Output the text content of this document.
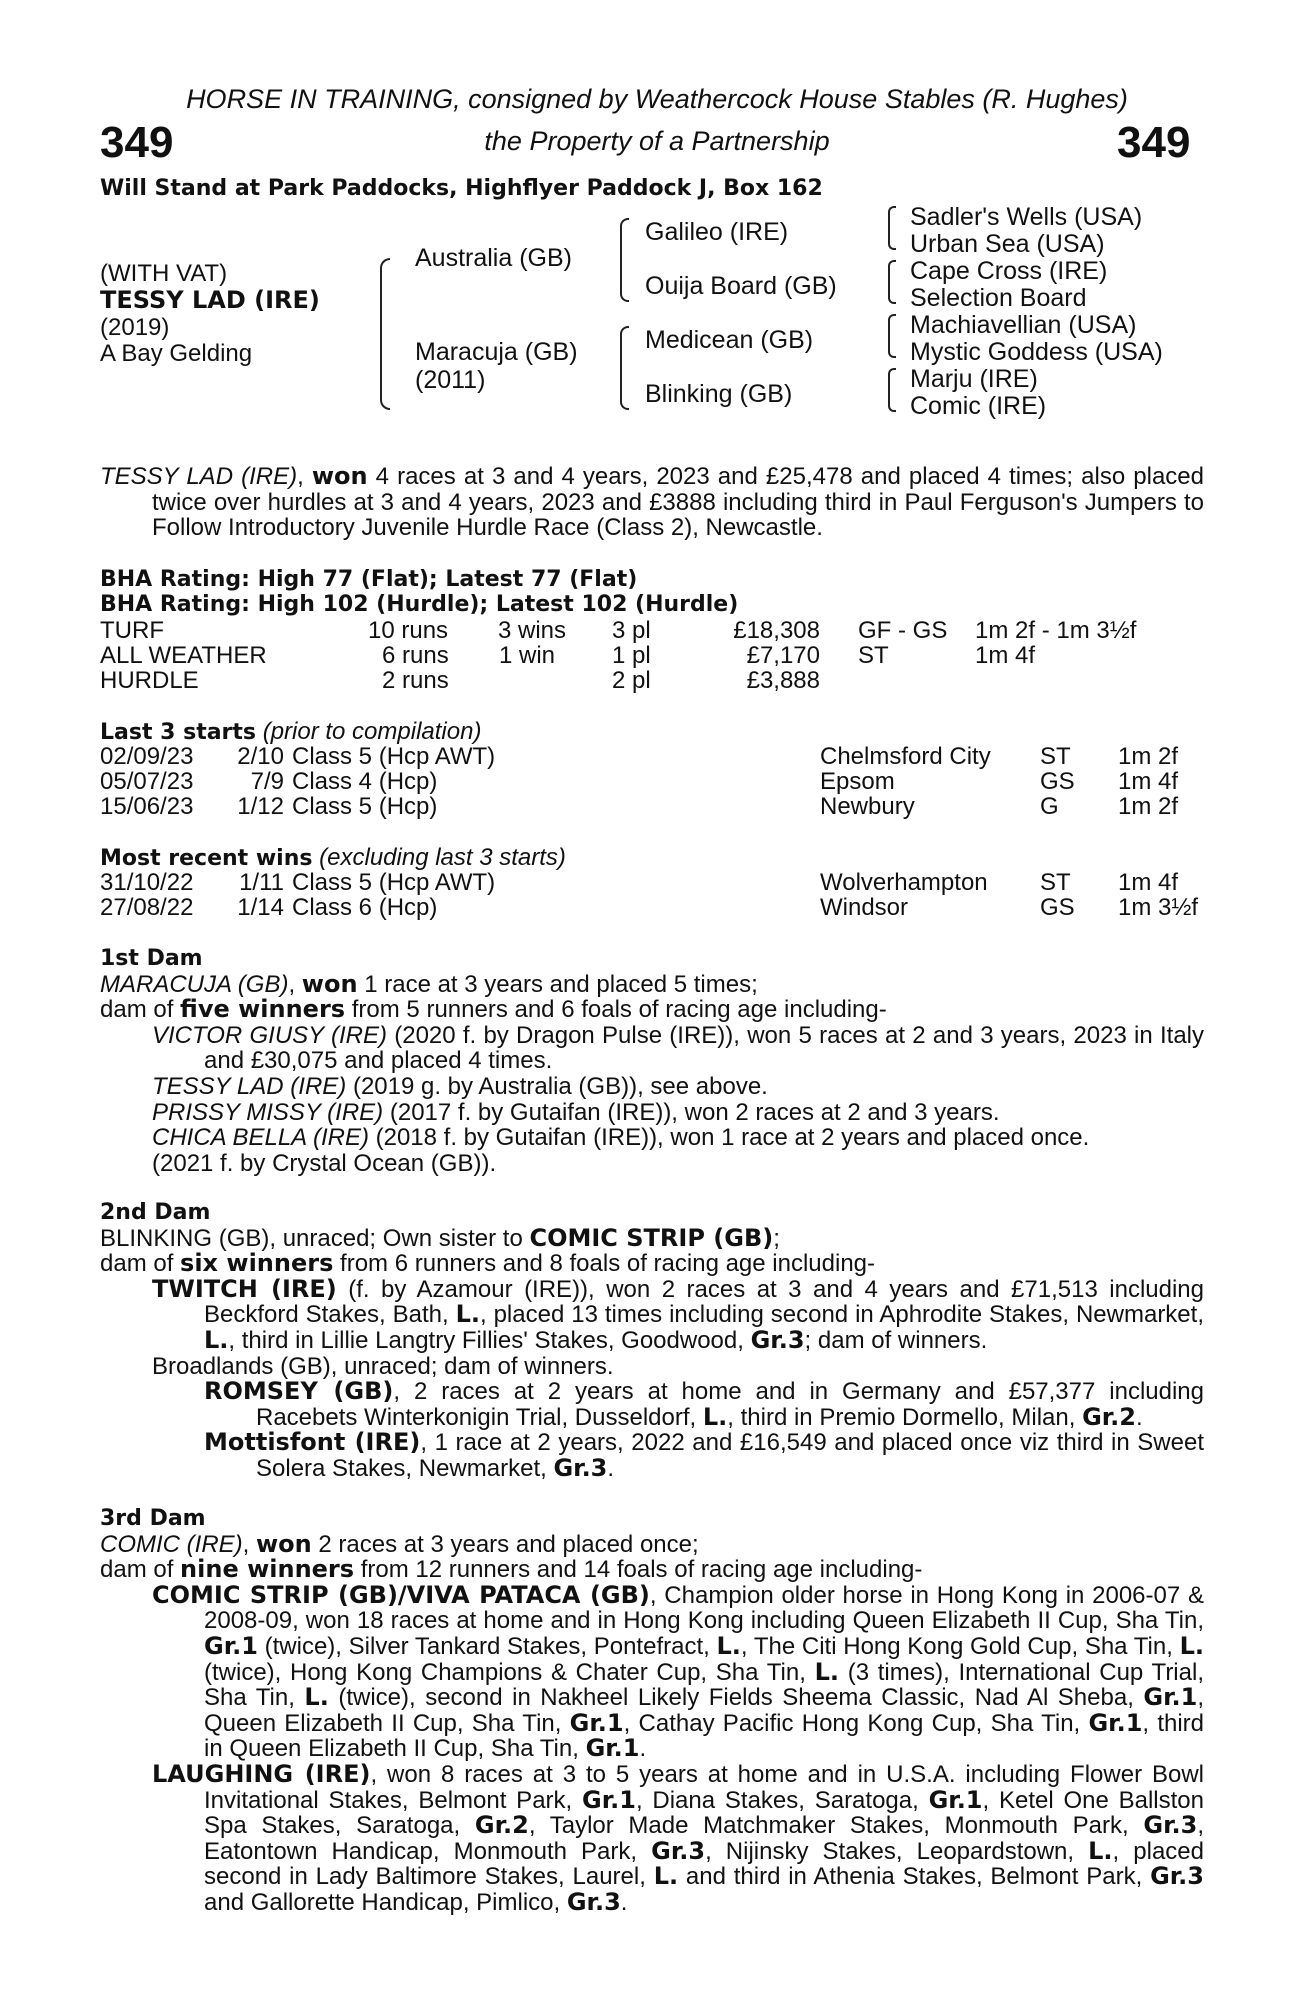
HORSE IN TRAINING, consigned by Weathercock House Stables (R. Hughes)
the Property of a Partnership
349	349
Will Stand at Park Paddocks, Highflyer Paddock J, Box 162
(WITH VAT)
TESSY LAD (IRE)
(2019)
A Bay Gelding
Australia (GB)
Maracuja (GB)
(2011)
Galileo (IRE)
Ouija Board (GB)
Medicean (GB)
Blinking (GB)
Sadler's Wells (USA)
Urban Sea (USA)
Cape Cross (IRE)
Selection Board
Machiavellian (USA)
Mystic Goddess (USA)
Marju (IRE)
Comic (IRE)

TESSY LAD (IRE), won 4 races at 3 and 4 years, 2023 and £25,478 and placed 4 times; also placed twice over hurdles at 3 and 4 years, 2023 and £3888 including third in Paul Ferguson's Jumpers to Follow Introductory Juvenile Hurdle Race (Class 2), Newcastle.

BHA Rating: High 77 (Flat); Latest 77 (Flat)
BHA Rating: High 102 (Hurdle); Latest 102 (Hurdle)
TURF	10 runs 3 wins 3 pl	£18,308 GF - GS 1m 2f - 1m 3½f
ALL WEATHER	6 runs 1 win 1 pl	£7,170 ST	1m 4f
HURDLE	2 runs	2 pl	£3,888
Last 3 starts (prior to compilation)
02/09/23	2/10 Class 5 (Hcp AWT)	Chelmsford City ST 1m 2f
05/07/23	7/9 Class 4 (Hcp)	Epsom	GS 1m 4f
15/06/23	1/12 Class 5 (Hcp)	Newbury	G 1m 2f
Most recent wins (excluding last 3 starts)
31/10/22	1/11 Class 5 (Hcp AWT)	Wolverhampton ST 1m 4f
27/08/22	1/14 Class 6 (Hcp)	Windsor	GS 1m 3½f

1st Dam

MARACUJA (GB), won 1 race at 3 years and placed 5 times;

dam of five winners from 5 runners and 6 foals of racing age including-

VICTOR GIUSY (IRE) (2020 f. by Dragon Pulse (IRE)), won 5 races at 2 and 3 years, 2023 in Italy and £30,075 and placed 4 times.

TESSY LAD (IRE) (2019 g. by Australia (GB)), see above.

PRISSY MISSY (IRE) (2017 f. by Gutaifan (IRE)), won 2 races at 2 and 3 years.

CHICA BELLA (IRE) (2018 f. by Gutaifan (IRE)), won 1 race at 2 years and placed once.

(2021 f. by Crystal Ocean (GB)).

2nd Dam

BLINKING (GB), unraced; Own sister to COMIC STRIP (GB);

dam of six winners from 6 runners and 8 foals of racing age including-

TWITCH (IRE) (f. by Azamour (IRE)), won 2 races at 3 and 4 years and £71,513 including Beckford Stakes, Bath, L., placed 13 times including second in Aphrodite Stakes, Newmarket, L., third in Lillie Langtry Fillies' Stakes, Goodwood, Gr.3; dam of winners.

Broadlands (GB), unraced; dam of winners.

ROMSEY (GB), 2 races at 2 years at home and in Germany and £57,377 including Racebets Winterkonigin Trial, Dusseldorf, L., third in Premio Dormello, Milan, Gr.2.

Mottisfont (IRE), 1 race at 2 years, 2022 and £16,549 and placed once viz third in Sweet Solera Stakes, Newmarket, Gr.3.

3rd Dam

COMIC (IRE), won 2 races at 3 years and placed once;

dam of nine winners from 12 runners and 14 foals of racing age including-

COMIC STRIP (GB)/VIVA PATACA (GB), Champion older horse in Hong Kong in 2006-07 & 2008-09, won 18 races at home and in Hong Kong including Queen Elizabeth II Cup, Sha Tin, Gr.1 (twice), Silver Tankard Stakes, Pontefract, L., The Citi Hong Kong Gold Cup, Sha Tin, L. (twice), Hong Kong Champions & Chater Cup, Sha Tin, L. (3 times), International Cup Trial, Sha Tin, L. (twice), second in Nakheel Likely Fields Sheema Classic, Nad Al Sheba, Gr.1, Queen Elizabeth II Cup, Sha Tin, Gr.1, Cathay Pacific Hong Kong Cup, Sha Tin, Gr.1, third in Queen Elizabeth II Cup, Sha Tin, Gr.1.

LAUGHING (IRE), won 8 races at 3 to 5 years at home and in U.S.A. including Flower Bowl Invitational Stakes, Belmont Park, Gr.1, Diana Stakes, Saratoga, Gr.1, Ketel One Ballston Spa Stakes, Saratoga, Gr.2, Taylor Made Matchmaker Stakes, Monmouth Park, Gr.3, Eatontown Handicap, Monmouth Park, Gr.3, Nijinsky Stakes, Leopardstown, L., placed second in Lady Baltimore Stakes, Laurel, L. and third in Athenia Stakes, Belmont Park, Gr.3 and Gallorette Handicap, Pimlico, Gr.3.
